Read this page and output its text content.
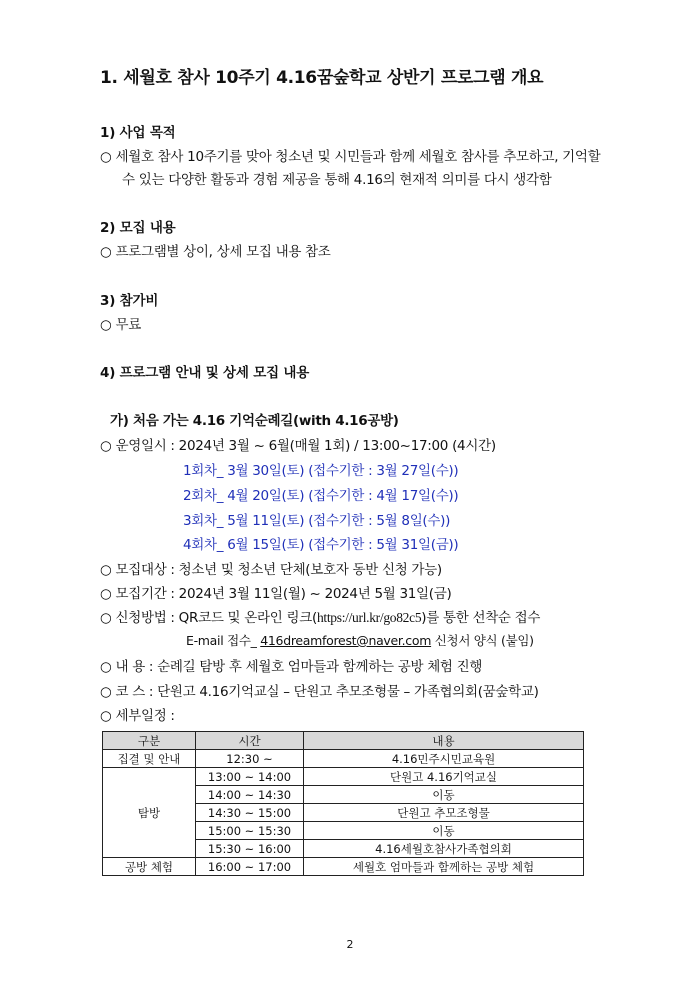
1. 세월호 참사 10주기 4.16꿈숲학교 상반기 프로그램 개요
1) 사업 목적
○ 세월호 참사 10주기를 맞아 청소년 및 시민들과 함께 세월호 참사를 추모하고, 기억할
수 있는 다양한 활동과 경험 제공을 통해 4.16의 현재적 의미를 다시 생각함
2) 모집 내용
○ 프로그램별 상이, 상세 모집 내용 참조
3) 참가비
○ 무료
4) 프로그램 안내 및 상세 모집 내용
가) 처음 가는 4.16 기억순례길(with 4.16공방)
○ 운영일시 : 2024년 3월 ~ 6월(매월 1회) / 13:00~17:00 (4시간)
1회차_ 3월 30일(토) (접수기한 : 3월 27일(수))
2회차_ 4월 20일(토) (접수기한 : 4월 17일(수))
3회차_ 5월 11일(토) (접수기한 : 5월 8일(수))
4회차_ 6월 15일(토) (접수기한 : 5월 31일(금))
○ 모집대상 : 청소년 및 청소년 단체(보호자 동반 신청 가능)
○ 모집기간 : 2024년 3월 11일(월) ~ 2024년 5월 31일(금)
○ 신청방법 : QR코드 및 온라인 링크(https://url.kr/go82c5)를 통한 선착순 접수
E-mail 접수_ 416dreamforest@naver.com 신청서 양식 (붙임)
○ 내 용 : 순례길 탐방 후 세월호 엄마들과 함께하는 공방 체험 진행
○ 코 스 : 단원고 4.16기억교실 – 단원고 추모조형물 – 가족협의회(꿈숲학교)
○ 세부일정 :
구분	시간	내용
집결 및 안내	12:30 ~	4.16민주시민교육원
탐방	13:00 ~ 14:00	단원고 4.16기억교실
	14:00 ~ 14:30	이동
	14:30 ~ 15:00	단원고 추모조형물
	15:00 ~ 15:30	이동
	15:30 ~ 16:00	4.16세월호참사가족협의회
공방 체험	16:00 ~ 17:00	세월호 엄마들과 함께하는 공방 체험
2
